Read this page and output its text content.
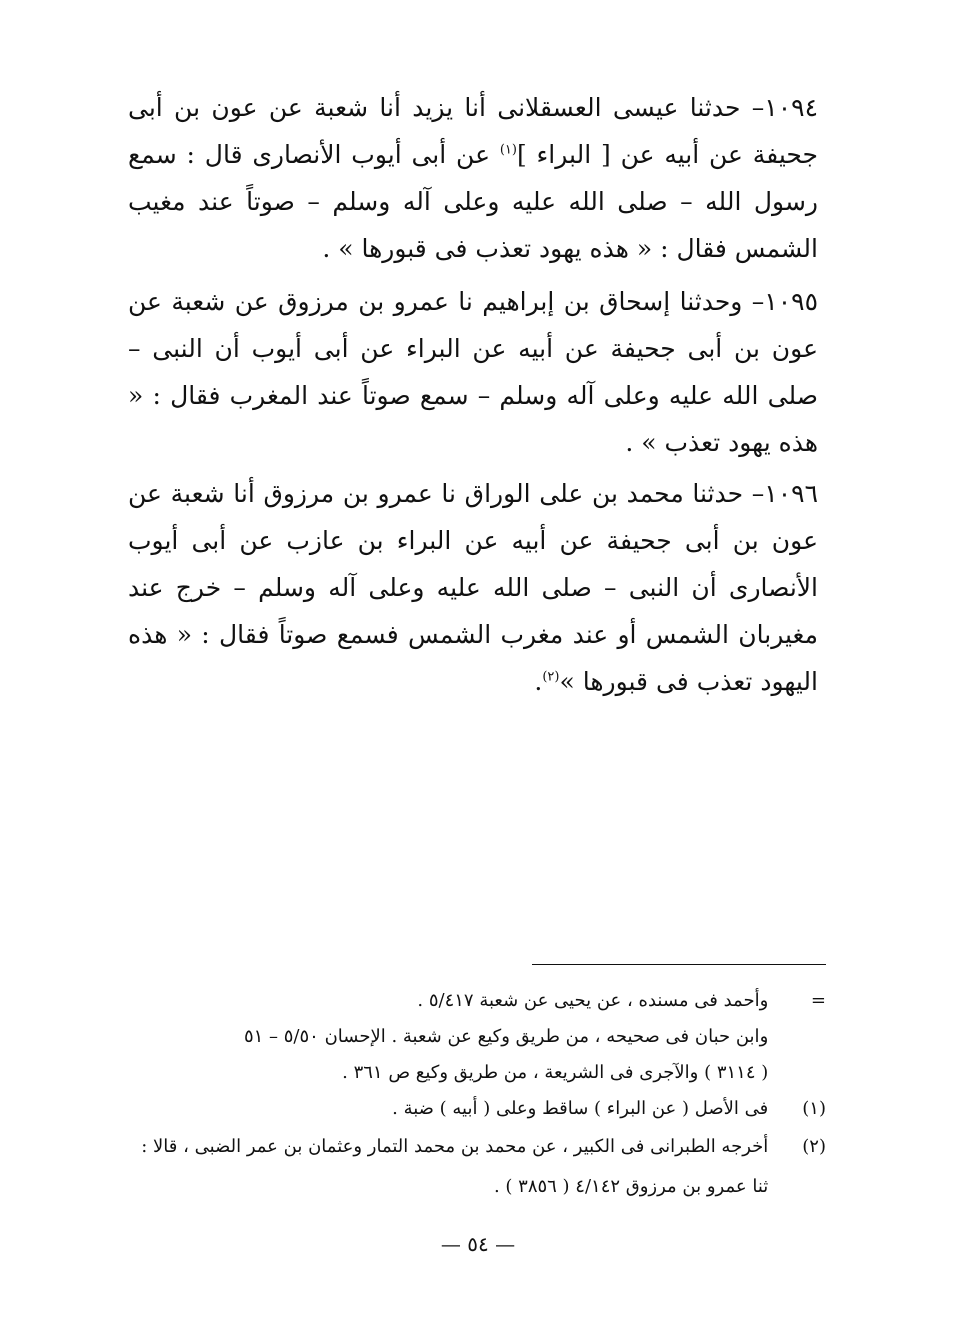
١٠٩٤– حدثنا عيسى العسقلانى أنا يزيد أنا شعبة عن عون بن أبى جحيفة عن أبيه عن [ البراء ]$^{(١)}$ عن أبى أيوب الأنصارى قال : سمع رسول الله – صلى الله عليه وعلى آله وسلم – صوتاً عند مغيب الشمس فقال : « هذه يهود تعذب فى قبورها » .

١٠٩٥– وحدثنا إسحاق بن إبراهيم نا عمرو بن مرزوق عن شعبة عن عون بن أبى جحيفة عن أبيه عن البراء عن أبى أيوب أن النبى – صلى الله عليه وعلى آله وسلم – سمع صوتاً عند المغرب فقال : « هذه يهود تعذب » .

١٠٩٦– حدثنا محمد بن على الوراق نا عمرو بن مرزوق أنا شعبة عن عون بن أبى جحيفة عن أبيه عن البراء بن عازب عن أبى أيوب الأنصارى أن النبى – صلى الله عليه وعلى آله وسلم – خرج عند مغيربان الشمس أو عند مغرب الشمس فسمع صوتاً فقال : « هذه اليهود تعذب فى قبورها »$^{(٢)}$.

= وأحمد فى مسنده ، عن يحيى عن شعبة ٥/٤١٧ .

وابن حبان فى صحيحه ، من طريق وكيع عن شعبة . الإحسان ٥/٥٠ – ٥١

( ٣١١٤ ) والآجرى فى الشريعة ، من طريق وكيع ص ٣٦١ .

(١) فى الأصل ( عن البراء ) ساقط وعلى ( أبيه ) ضبة .

(٢) أخرجه الطبرانى فى الكبير ، عن محمد بن محمد التمار وعثمان بن عمر الضبى ، قالا :

ثنا عمرو بن مرزوق ٤/١٤٢ ( ٣٨٥٦ ) .

— ٥٤ —
